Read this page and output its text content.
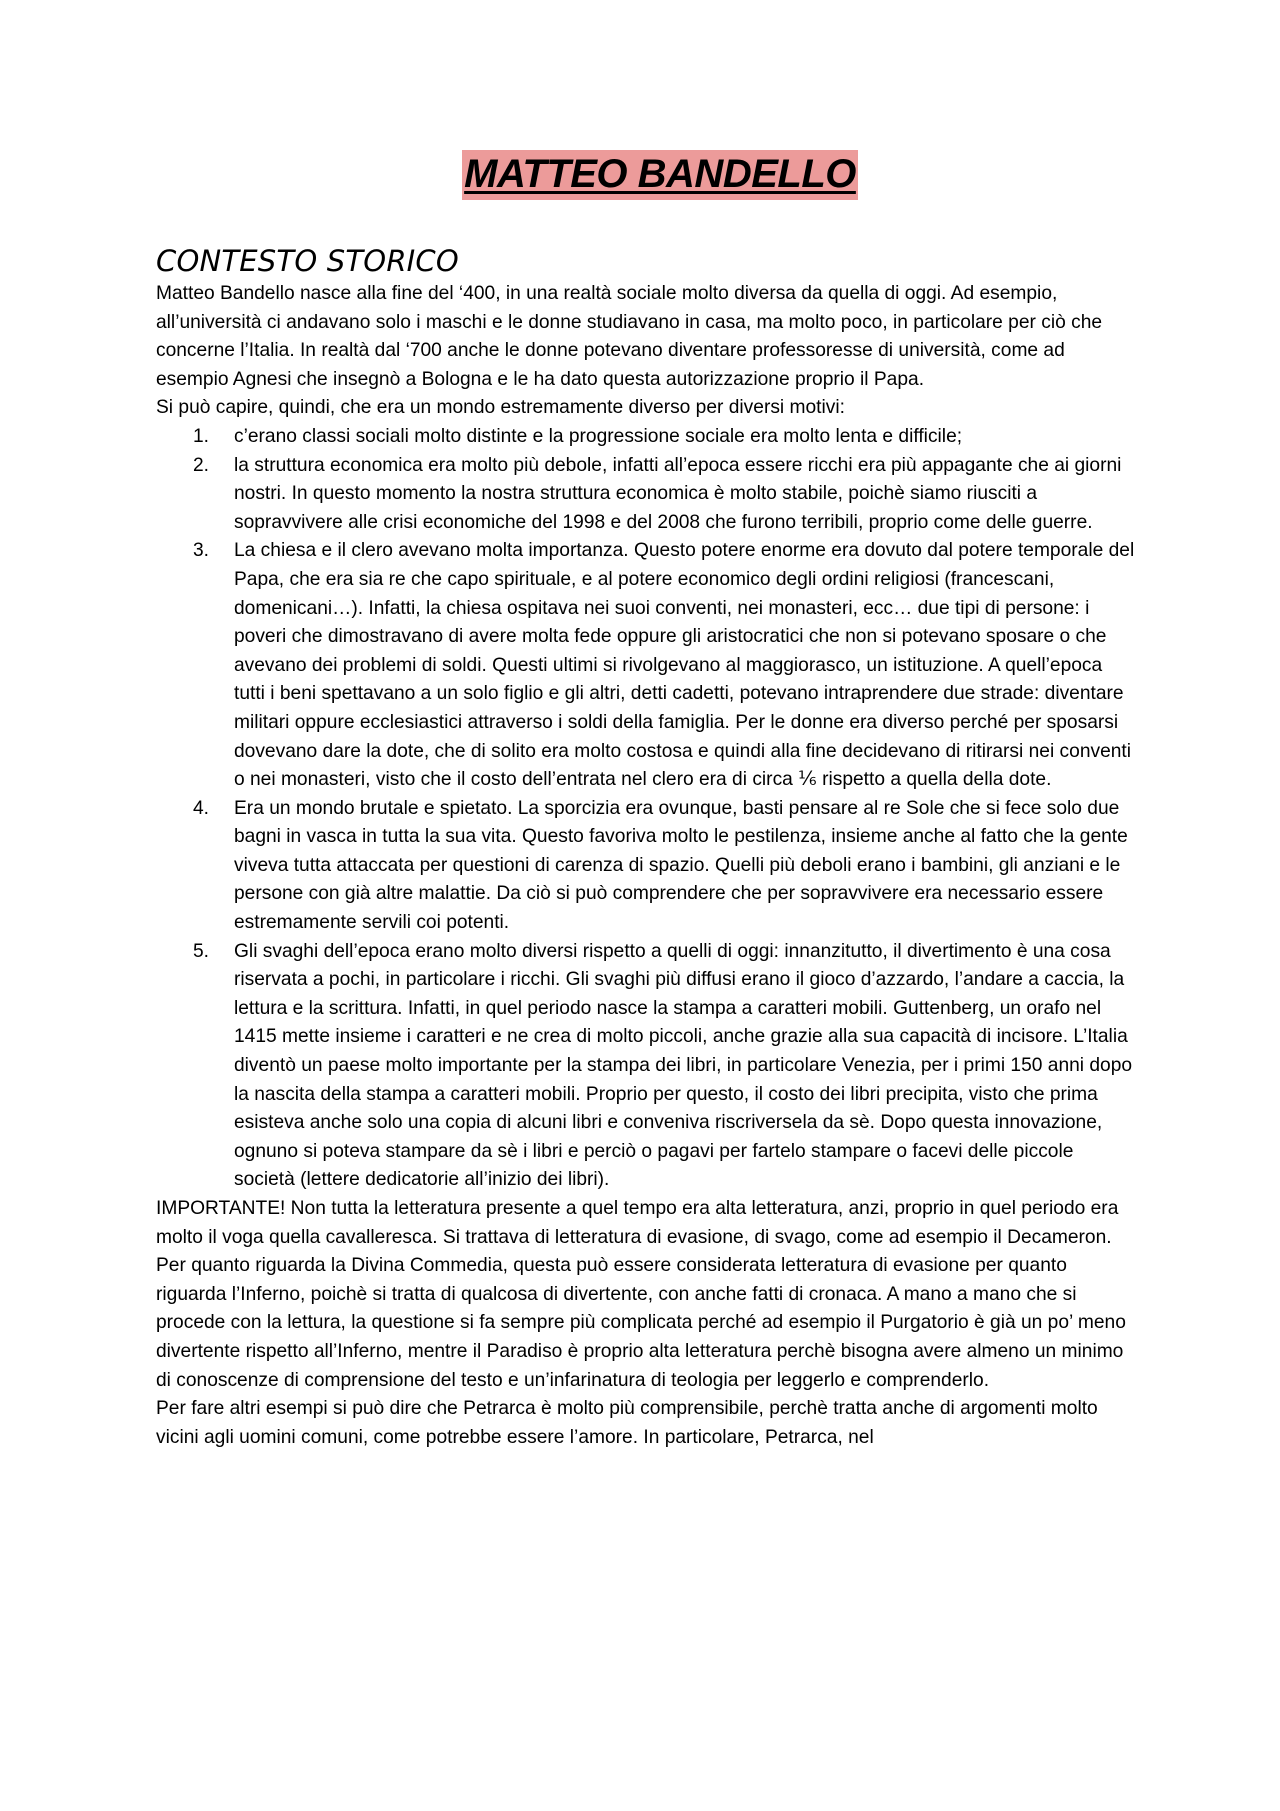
MATTEO BANDELLO
CONTESTO STORICO

Matteo Bandello nasce alla fine del ‘400, in una realtà sociale molto diversa da quella di oggi. Ad esempio, all’università ci andavano solo i maschi e le donne studiavano in casa, ma molto poco, in particolare per ciò che concerne l’Italia. In realtà dal ‘700 anche le donne potevano diventare professoresse di università, come ad esempio Agnesi che insegnò a Bologna e le ha dato questa autorizzazione proprio il Papa.

Si può capire, quindi, che era un mondo estremamente diverso per diversi motivi:

1. c’erano classi sociali molto distinte e la progressione sociale era molto lenta e difficile;
2. la struttura economica era molto più debole, infatti all’epoca essere ricchi era più appagante che ai giorni nostri. In questo momento la nostra struttura economica è molto stabile, poichè siamo riusciti a sopravvivere alle crisi economiche del 1998 e del 2008 che furono terribili, proprio come delle guerre.
3. La chiesa e il clero avevano molta importanza. Questo potere enorme era dovuto dal potere temporale del Papa, che era sia re che capo spirituale, e al potere economico degli ordini religiosi (francescani, domenicani…). Infatti, la chiesa ospitava nei suoi conventi, nei monasteri, ecc… due tipi di persone: i poveri che dimostravano di avere molta fede oppure gli aristocratici che non si potevano sposare o che avevano dei problemi di soldi. Questi ultimi si rivolgevano al maggiorasco, un istituzione. A quell’epoca tutti i beni spettavano a un solo figlio e gli altri, detti cadetti, potevano intraprendere due strade: diventare militari oppure ecclesiastici attraverso i soldi della famiglia. Per le donne era diverso perché per sposarsi dovevano dare la dote, che di solito era molto costosa e quindi alla fine decidevano di ritirarsi nei conventi o nei monasteri, visto che il costo dell’entrata nel clero era di circa ⅙ rispetto a quella della dote.
4. Era un mondo brutale e spietato. La sporcizia era ovunque, basti pensare al re Sole che si fece solo due bagni in vasca in tutta la sua vita. Questo favoriva molto le pestilenza, insieme anche al fatto che la gente viveva tutta attaccata per questioni di carenza di spazio. Quelli più deboli erano i bambini, gli anziani e le persone con già altre malattie. Da ciò si può comprendere che per sopravvivere era necessario essere estremamente servili coi potenti.
5. Gli svaghi dell’epoca erano molto diversi rispetto a quelli di oggi: innanzitutto, il divertimento è una cosa riservata a pochi, in particolare i ricchi. Gli svaghi più diffusi erano il gioco d’azzardo, l’andare a caccia, la lettura e la scrittura. Infatti, in quel periodo nasce la stampa a caratteri mobili. Guttenberg, un orafo nel 1415 mette insieme i caratteri e ne crea di molto piccoli, anche grazie alla sua capacità di incisore. L’Italia diventò un paese molto importante per la stampa dei libri, in particolare Venezia, per i primi 150 anni dopo la nascita della stampa a caratteri mobili. Proprio per questo, il costo dei libri precipita, visto che prima esisteva anche solo una copia di alcuni libri e conveniva riscriversela da sè. Dopo questa innovazione, ognuno si poteva stampare da sè i libri e perciò o pagavi per fartelo stampare o facevi delle piccole società (lettere dedicatorie all’inizio dei libri).

IMPORTANTE! Non tutta la letteratura presente a quel tempo era alta letteratura, anzi, proprio in quel periodo era molto il voga quella cavalleresca. Si trattava di letteratura di evasione, di svago, come ad esempio il Decameron.

Per quanto riguarda la Divina Commedia, questa può essere considerata letteratura di evasione per quanto riguarda l’Inferno, poichè si tratta di qualcosa di divertente, con anche fatti di cronaca. A mano a mano che si procede con la lettura, la questione si fa sempre più complicata perché ad esempio il Purgatorio è già un po’ meno divertente rispetto all’Inferno, mentre il Paradiso è proprio alta letteratura perchè bisogna avere almeno un minimo di conoscenze di comprensione del testo e un’infarinatura di teologia per leggerlo e comprenderlo.

Per fare altri esempi si può dire che Petrarca è molto più comprensibile, perchè tratta anche di argomenti molto vicini agli uomini comuni, come potrebbe essere l’amore. In particolare, Petrarca, nel
